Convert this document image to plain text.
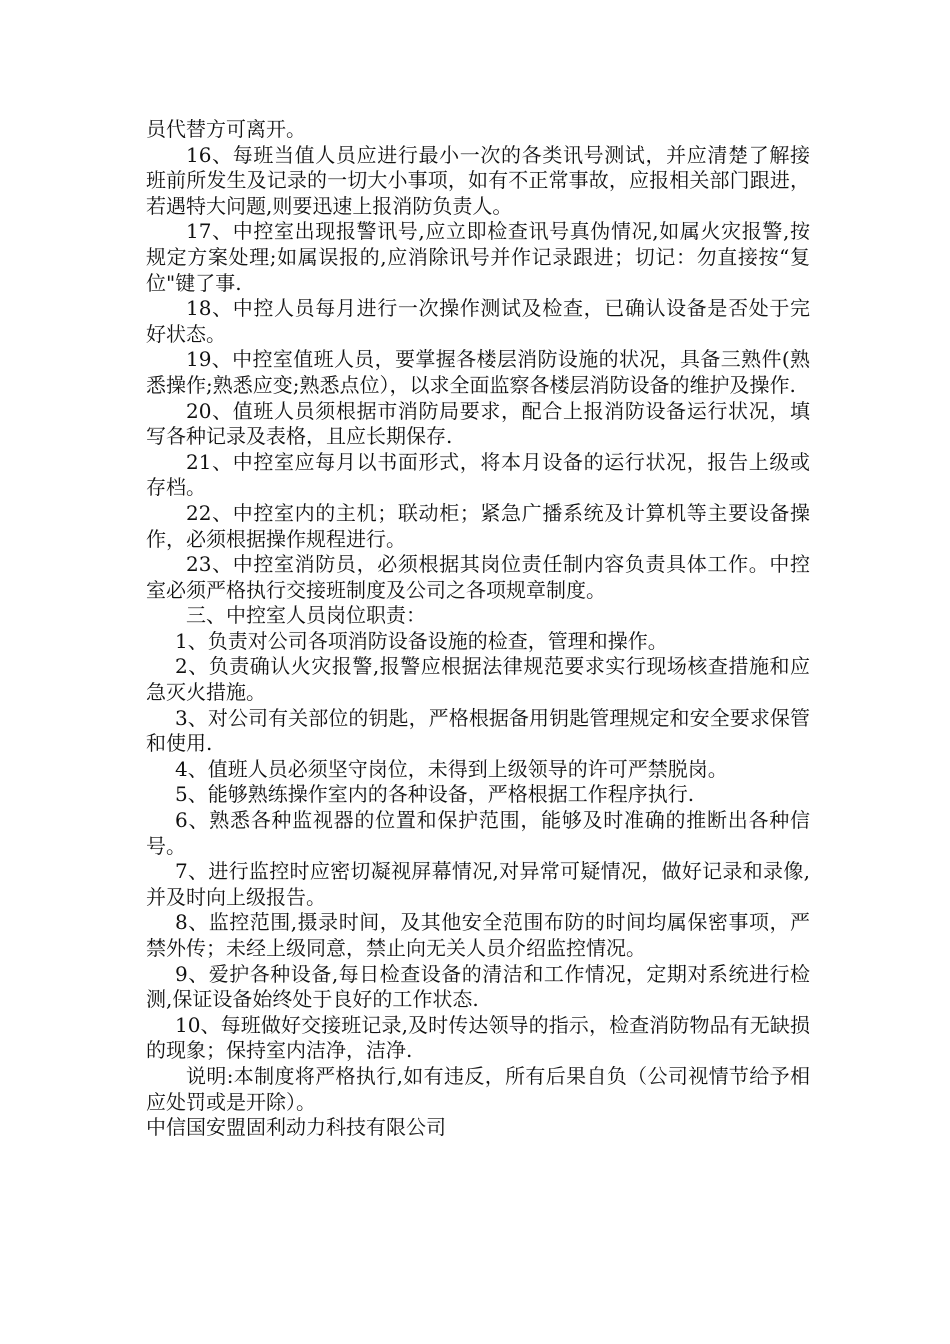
员代替方可离开。

16、每班当值人员应进行最小一次的各类讯号测试，并应清楚了解接班前所发生及记录的一切大小事项，如有不正常事故，应报相关部门跟进，若遇特大问题,则要迅速上报消防负责人。

17、中控室出现报警讯号,应立即检查讯号真伪情况,如属火灾报警,按规定方案处理;如属误报的,应消除讯号并作记录跟进；切记：勿直接按“复位"键了事.

18、中控人员每月进行一次操作测试及检查，已确认设备是否处于完好状态。

19、中控室值班人员，要掌握各楼层消防设施的状况，具备三熟件(熟悉操作;熟悉应变;熟悉点位），以求全面监察各楼层消防设备的维护及操作.

20、值班人员须根据市消防局要求，配合上报消防设备运行状况，填写各种记录及表格，且应长期保存.

21、中控室应每月以书面形式，将本月设备的运行状况，报告上级或存档。

22、中控室内的主机；联动柜；紧急广播系统及计算机等主要设备操作，必须根据操作规程进行。

23、中控室消防员，必须根据其岗位责任制内容负责具体工作。中控室必须严格执行交接班制度及公司之各项规章制度。

三、中控室人员岗位职责：

1、负责对公司各项消防设备设施的检查，管理和操作。

2、负责确认火灾报警,报警应根据法律规范要求实行现场核查措施和应急灭火措施。

3、对公司有关部位的钥匙，严格根据备用钥匙管理规定和安全要求保管和使用.

4、值班人员必须坚守岗位，未得到上级领导的许可严禁脱岗。

5、能够熟练操作室内的各种设备，严格根据工作程序执行.

6、熟悉各种监视器的位置和保护范围，能够及时准确的推断出各种信号。

7、进行监控时应密切凝视屏幕情况,对异常可疑情况，做好记录和录像,并及时向上级报告。

8、监控范围,摄录时间，及其他安全范围布防的时间均属保密事项，严禁外传；未经上级同意，禁止向无关人员介绍监控情况。

9、爱护各种设备,每日检查设备的清洁和工作情况，定期对系统进行检测,保证设备始终处于良好的工作状态.

10、每班做好交接班记录,及时传达领导的指示，检查消防物品有无缺损的现象；保持室内洁净，洁净.

说明:本制度将严格执行,如有违反，所有后果自负（公司视情节给予相应处罚或是开除）。

中信国安盟固利动力科技有限公司
